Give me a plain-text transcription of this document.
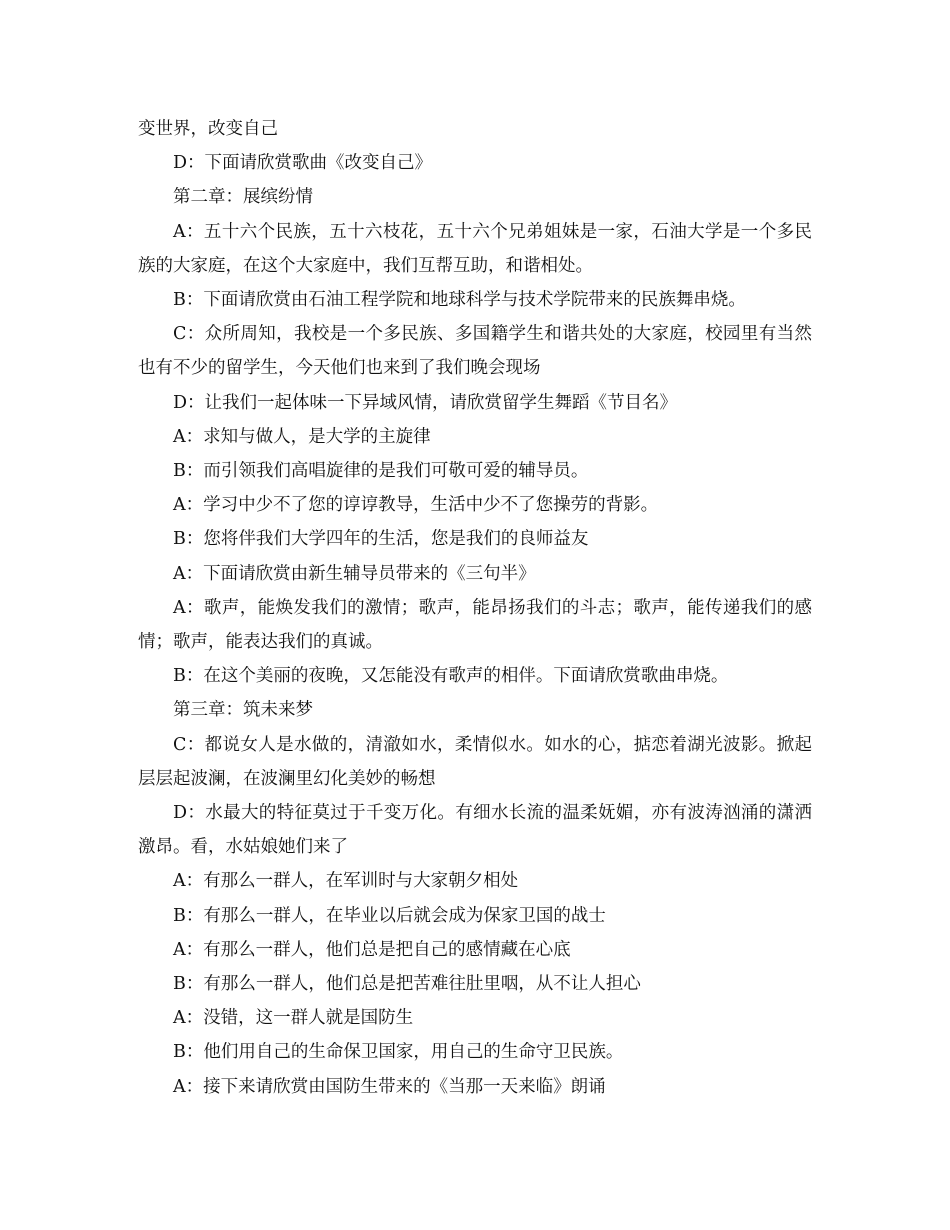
变世界，改变自己

D：下面请欣赏歌曲《改变自己》

第二章：展缤纷情

A：五十六个民族，五十六枝花，五十六个兄弟姐妹是一家，石油大学是一个多民族的大家庭，在这个大家庭中，我们互帮互助，和谐相处。

B：下面请欣赏由石油工程学院和地球科学与技术学院带来的民族舞串烧。

C：众所周知，我校是一个多民族、多国籍学生和谐共处的大家庭，校园里有当然也有不少的留学生，今天他们也来到了我们晚会现场

D：让我们一起体味一下异域风情，请欣赏留学生舞蹈《节目名》

A：求知与做人，是大学的主旋律

B：而引领我们高唱旋律的是我们可敬可爱的辅导员。

A：学习中少不了您的谆谆教导，生活中少不了您操劳的背影。

B：您将伴我们大学四年的生活，您是我们的良师益友

A：下面请欣赏由新生辅导员带来的《三句半》

A：歌声，能焕发我们的激情；歌声，能昂扬我们的斗志；歌声，能传递我们的感情；歌声，能表达我们的真诚。

B：在这个美丽的夜晚，又怎能没有歌声的相伴。下面请欣赏歌曲串烧。

第三章：筑未来梦

C：都说女人是水做的，清澈如水，柔情似水。如水的心，掂恋着湖光波影。掀起层层起波澜，在波澜里幻化美妙的畅想

D：水最大的特征莫过于千变万化。有细水长流的温柔妩媚，亦有波涛汹涌的潇洒激昂。看，水姑娘她们来了

A：有那么一群人，在军训时与大家朝夕相处

B：有那么一群人，在毕业以后就会成为保家卫国的战士

A：有那么一群人，他们总是把自己的感情藏在心底

B：有那么一群人，他们总是把苦难往肚里咽，从不让人担心

A：没错，这一群人就是国防生

B：他们用自己的生命保卫国家，用自己的生命守卫民族。

A：接下来请欣赏由国防生带来的《当那一天来临》朗诵
